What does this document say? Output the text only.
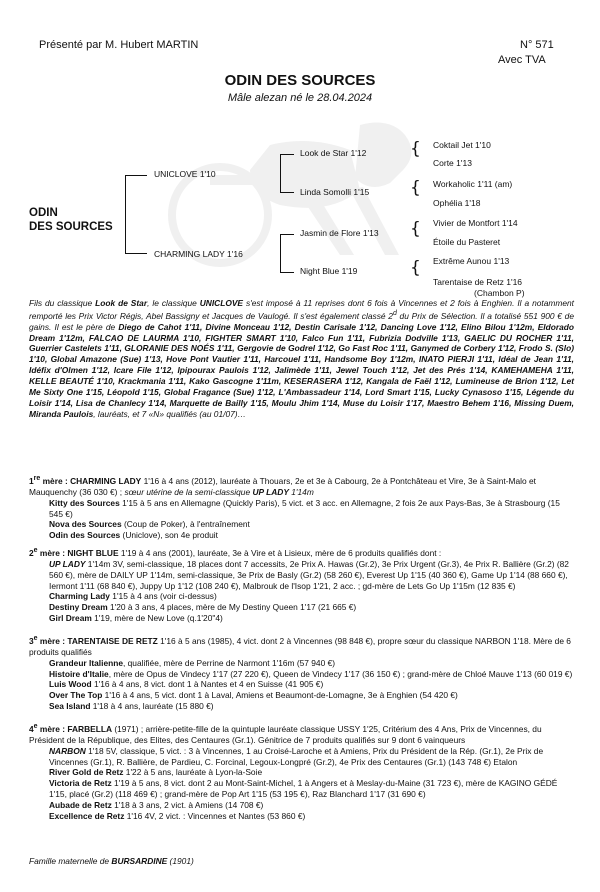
Présenté par M. Hubert MARTIN	N° 571
Avec TVA
ODIN DES SOURCES
Mâle alezan né le 28.04.2024
ODIN
DES SOURCES
UNICLOVE 1'10
CHARMING LADY 1'16
Look de Star 1'12
Linda Somolli 1'15
Jasmin de Flore 1'13
Night Blue 1'19
{
{
{
{
Coktail Jet 1'10
Corte 1'13
Workaholic 1'11 (am)
Ophélia 1'18
Vivier de Montfort 1'14
Étoile du Pasteret
Extrême Aunou 1'13
Tarentaise de Retz 1'16
(Chambon P)
Fils du classique Look de Star, le classique UNICLOVE s'est imposé à 11 reprises dont 6 fois à Vincennes et 2 fois à Enghien. Il a notamment remporté les Prix Victor Régis, Abel Bassigny et Jacques de Vaulogé. Il s'est également classé 2$^d$ du Prix de Sélection. Il a totalisé 551 900 € de gains. Il est le père de Diego de Cahot 1'11, Divine Monceau 1'12, Destin Carisale 1'12, Dancing Love 1'12, Elino Bilou 1'12m, Eldorado Dream 1'12m, FALCAO DE LAURMA 1'10, FIGHTER SMART 1'10, Falco Fun 1'11, Fubrizia Dodville 1'13, GAELIC DU ROCHER 1'11, Guerrier Castelets 1'11, GLORANIE DES NOÉS 1'11, Gergovie de Godrel 1'12, Go Fast Roc 1'11, Ganymed de Corbery 1'12, Frodo S. (Slo) 1'10, Global Amazone (Sue) 1'13, Hove Pont Vautier 1'11, Harcouel 1'11, Handsome Boy 1'12m, INATO PIERJI 1'11, Idéal de Jean 1'11, Idéfix d'Olmen 1'12, Icare File 1'12, Ipipourax Paulois 1'12, Jalimède 1'11, Jewel Touch 1'12, Jet des Prés 1'14, KAMEHAMEHA 1'11, KELLE BEAUTÉ 1'10, Krackmania 1'11, Kako Gascogne 1'11m, KESERASERA 1'12, Kangala de Faël 1'12, Lumineuse de Brion 1'12, Let Me Sixty One 1'15, Léopold 1'15, Global Fragance (Sue) 1'12, L'Ambassadeur 1'14, Lord Smart 1'15, Lucky Cynasoso 1'15, Légende du Loisir 1'14, Lisa de Chanlecy 1'14, Marquette de Bailly 1'15, Moulu Jhim 1'14, Muse du Loisir 1'17, Maestro Behem 1'16, Missing Duem, Miranda Paulois, lauréats, et 7 «N» qualifiés (au 01/07)…

1re mère : CHARMING LADY 1'16 à 4 ans (2012), lauréate à Thouars, 2e et 3e à Cabourg, 2e à Pontchâteau et Vire, 3e à Saint-Malo et Mauquenchy (36 030 €) ; sœur utérine de la semi-classique UP LADY 1'14m

Kitty des Sources 1'15 à 5 ans en Allemagne (Quickly Paris), 5 vict. et 3 acc. en Allemagne, 2 fois 2e aux Pays-Bas, 3e à Strasbourg (15 545 €)

Nova des Sources (Coup de Poker), à l'entraînement

Odin des Sources (Uniclove), son 4e produit

2e mère : NIGHT BLUE 1'19 à 4 ans (2001), lauréate, 3e à Vire et à Lisieux, mère de 6 produits qualifiés dont :

UP LADY 1'14m 3V, semi-classique, 18 places dont 7 accessits, 2e Prix A. Hawas (Gr.2), 3e Prix Urgent (Gr.3), 4e Prix R. Ballière (Gr.2) (82 560 €), mère de DAILY UP 1'14m, semi-classique, 3e Prix de Basly (Gr.2) (58 260 €), Everest Up 1'15 (40 360 €), Game Up 1'14 (88 660 €), Iermont 1'11 (68 840 €), Juppy Up 1'12 (108 240 €), Malbrouk de l'Isop 1'21, 2 acc. ; gd-mère de Lets Go Up 1'15m (12 835 €)

Charming Lady 1'15 à 4 ans (voir ci-dessus)

Destiny Dream 1'20 à 3 ans, 4 places, mère de My Destiny Queen 1'17 (21 665 €)

Girl Dream 1'19, mère de New Love (q.1'20"4)

3e mère : TARENTAISE DE RETZ 1'16 à 5 ans (1985), 4 vict. dont 2 à Vincennes (98 848 €), propre sœur du classique NARBON 1'18. Mère de 6 produits qualifiés

Grandeur Italienne, qualifiée, mère de Perrine de Narmont 1'16m (57 940 €)

Histoire d'Italie, mère de Opus de Vindecy 1'17 (27 220 €), Queen de Vindecy 1'17 (36 150 €) ; grand-mère de Chloé Mauve 1'13 (60 019 €)

Luis Wood 1'16 à 4 ans, 8 vict. dont 1 à Nantes et 4 en Suisse (41 905 €)

Over The Top 1'16 à 4 ans, 5 vict. dont 1 à Laval, Amiens et Beaumont-de-Lomagne, 3e à Enghien (54 420 €)

Sea Island 1'18 à 4 ans, lauréate (15 880 €)

4e mère : FARBELLA (1971) ; arrière-petite-fille de la quintuple lauréate classique USSY 1'25, Critérium des 4 Ans, Prix de Vincennes, du Président de la République, des Elites, des Centaures (Gr.1). Génitrice de 7 produits qualifiés sur 9 dont 6 vainqueurs

NARBON 1'18 5V, classique, 5 vict. : 3 à Vincennes, 1 au Croisé-Laroche et à Amiens, Prix du Président de la Rép. (Gr.1), 2e Prix de Vincennes (Gr.1), R. Ballière, de Pardieu, C. Forcinal, Legoux-Longpré (Gr.2), 4e Prix des Centaures (Gr.1) (143 748 €) Etalon

River Gold de Retz 1'22 à 5 ans, lauréate à Lyon-la-Soie

Victoria de Retz 1'19 à 5 ans, 8 vict. dont 2 au Mont-Saint-Michel, 1 à Angers et à Meslay-du-Maine (31 723 €), mère de KAGINO GÉDÉ 1'15, placé (Gr.2) (118 469 €) ; grand-mère de Pop Art 1'15 (53 195 €), Raz Blanchard 1'17 (31 690 €)

Aubade de Retz 1'18 à 3 ans, 2 vict. à Amiens (14 708 €)

Excellence de Retz 1'16 4V, 2 vict. : Vincennes et Nantes (53 860 €)

Famille maternelle de BURSARDINE (1901)
